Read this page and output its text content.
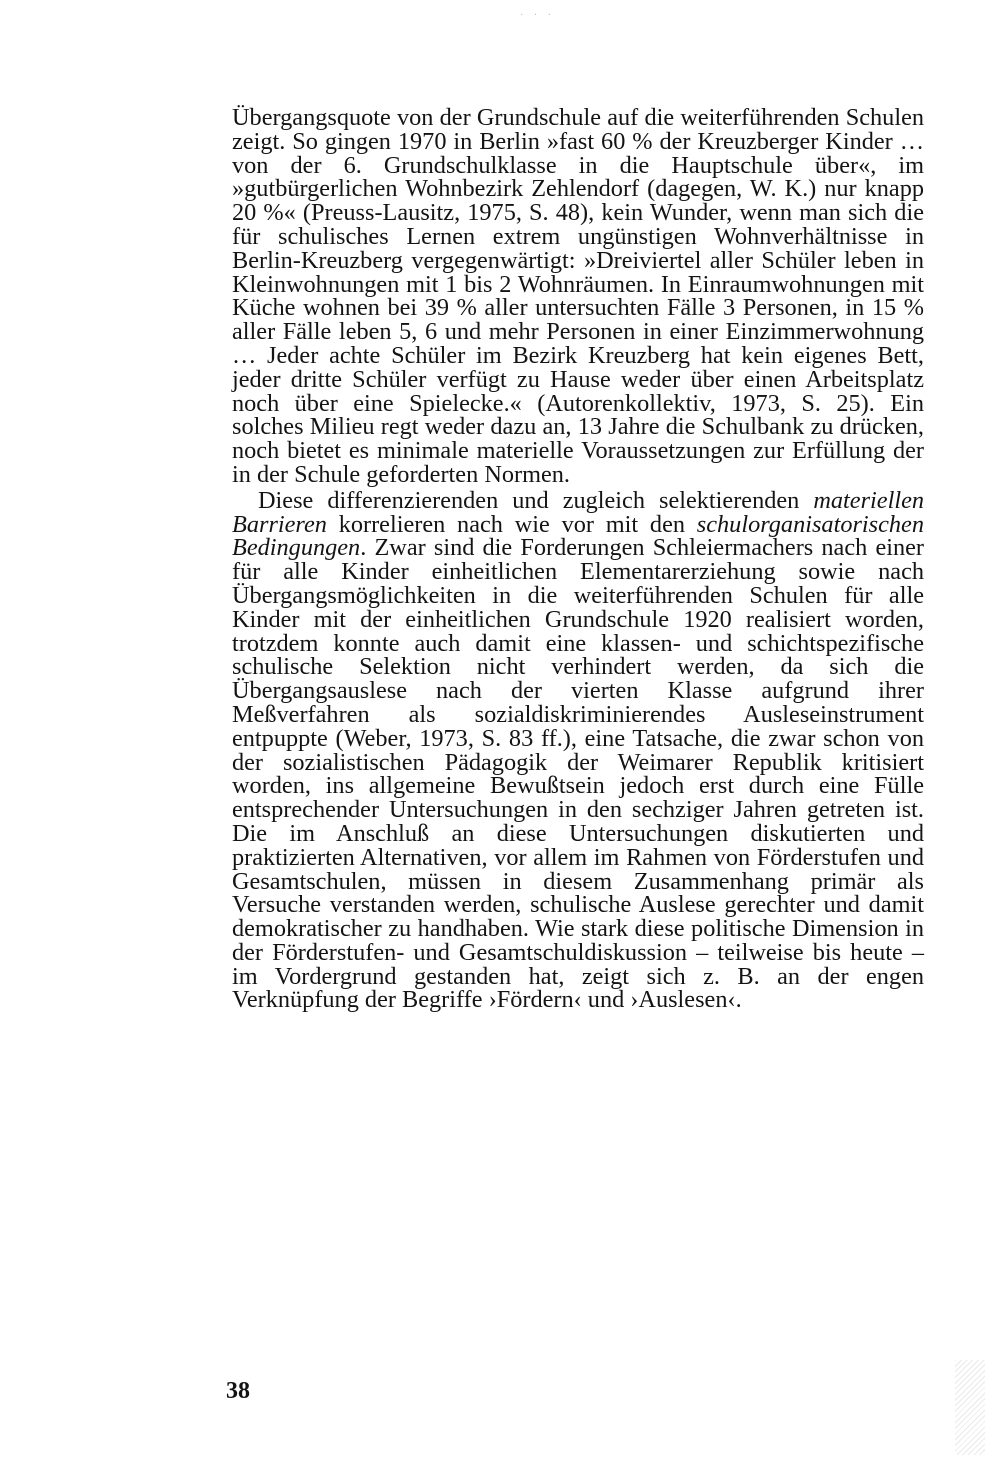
· · ·

Übergangsquote von der Grundschule auf die weiterführenden Schulen zeigt. So gingen 1970 in Berlin »fast 60 % der Kreuzberger Kinder … von der 6. Grundschulklasse in die Hauptschule über«, im »gutbürgerlichen Wohnbezirk Zehlendorf (dagegen, W. K.) nur knapp 20 %« (Preuss-Lausitz, 1975, S. 48), kein Wunder, wenn man sich die für schulisches Lernen extrem ungünstigen Wohnverhältnisse in Berlin-Kreuzberg vergegenwärtigt: »Dreiviertel aller Schüler leben in Kleinwohnungen mit 1 bis 2 Wohnräumen. In Einraumwohnungen mit Küche wohnen bei 39 % aller untersuchten Fälle 3 Personen, in 15 % aller Fälle leben 5, 6 und mehr Personen in einer Einzimmerwohnung … Jeder achte Schüler im Bezirk Kreuzberg hat kein eigenes Bett, jeder dritte Schüler verfügt zu Hause weder über einen Arbeitsplatz noch über eine Spielecke.« (Autorenkollektiv, 1973, S. 25). Ein solches Milieu regt weder dazu an, 13 Jahre die Schulbank zu drücken, noch bietet es minimale materielle Voraussetzungen zur Erfüllung der in der Schule geforderten Normen.

Diese differenzierenden und zugleich selektierenden materiellen Barrieren korrelieren nach wie vor mit den schulorganisatorischen Bedingungen. Zwar sind die Forderungen Schleiermachers nach einer für alle Kinder einheitlichen Elementarerziehung sowie nach Übergangsmöglichkeiten in die weiterführenden Schulen für alle Kinder mit der einheitlichen Grundschule 1920 realisiert worden, trotzdem konnte auch damit eine klassen- und schichtspezifische schulische Selektion nicht verhindert werden, da sich die Übergangsauslese nach der vierten Klasse aufgrund ihrer Meßverfahren als sozialdiskriminierendes Ausleseinstrument entpuppte (Weber, 1973, S. 83 ff.), eine Tatsache, die zwar schon von der sozialistischen Pädagogik der Weimarer Republik kritisiert worden, ins allgemeine Bewußtsein jedoch erst durch eine Fülle entsprechender Untersuchungen in den sechziger Jahren getreten ist. Die im Anschluß an diese Untersuchungen diskutierten und praktizierten Alternativen, vor allem im Rahmen von Förderstufen und Gesamtschulen, müssen in diesem Zusammenhang primär als Versuche verstanden werden, schulische Auslese gerechter und damit demokratischer zu handhaben. Wie stark diese politische Dimension in der Förderstufen- und Gesamtschuldiskussion – teilweise bis heute – im Vordergrund gestanden hat, zeigt sich z. B. an der engen Verknüpfung der Begriffe ›Fördern‹ und ›Auslesen‹.

38
